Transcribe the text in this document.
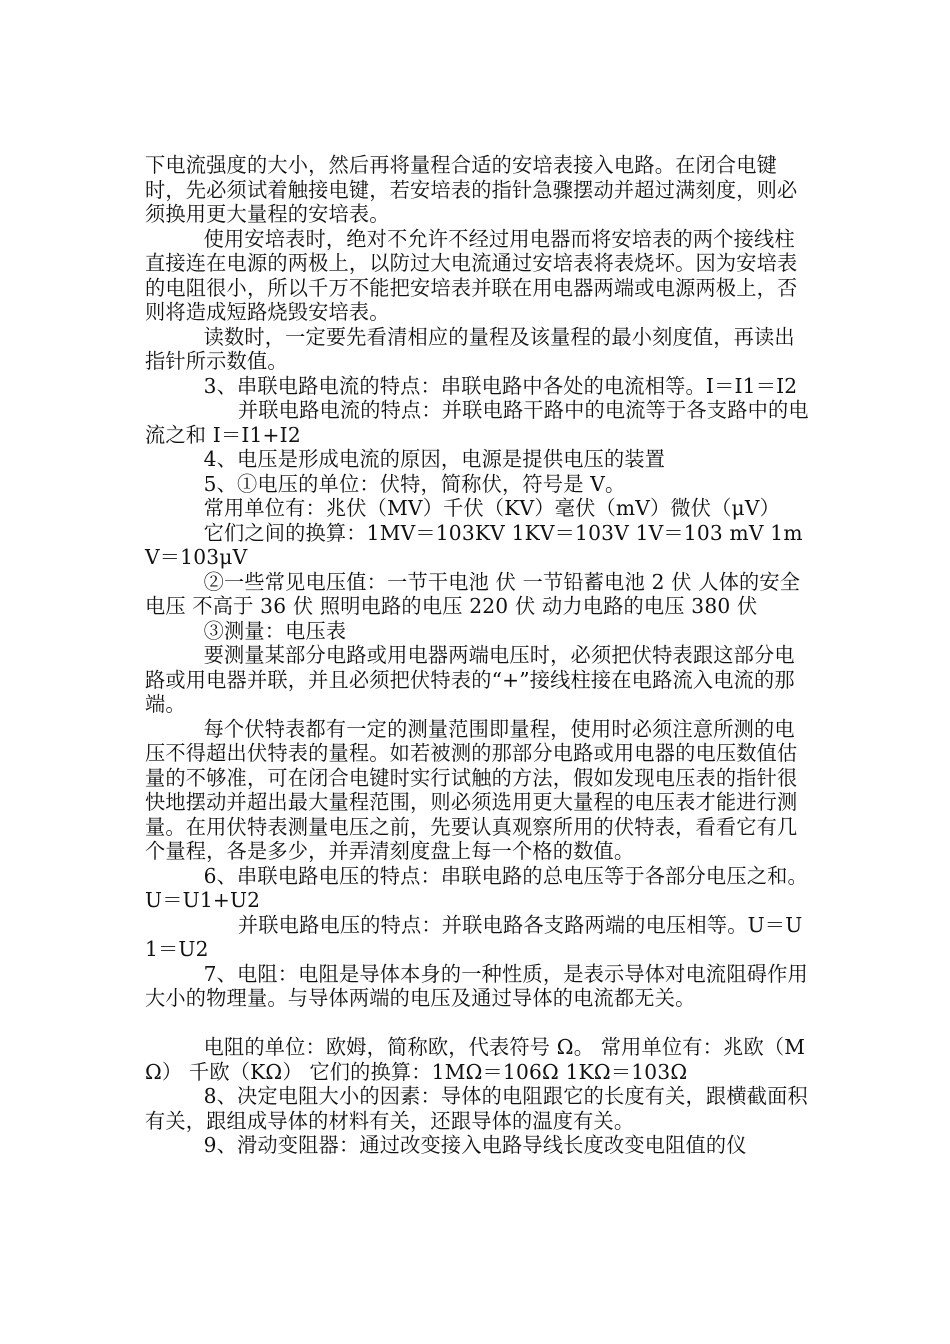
下电流强度的大小，然后再将量程合适的安培表接入电路。在闭合电键时，先必须试着触接电键，若安培表的指针急骤摆动并超过满刻度，则必须换用更大量程的安培表。

使用安培表时，绝对不允许不经过用电器而将安培表的两个接线柱直接连在电源的两极上，以防过大电流通过安培表将表烧坏。因为安培表的电阻很小，所以千万不能把安培表并联在用电器两端或电源两极上，否则将造成短路烧毁安培表。

读数时，一定要先看清相应的量程及该量程的最小刻度值，再读出指针所示数值。

3、串联电路电流的特点：串联电路中各处的电流相等。I＝I1＝I2

并联电路电流的特点：并联电路干路中的电流等于各支路中的电流之和 I＝I1+I2

4、电压是形成电流的原因，电源是提供电压的装置

5、①电压的单位：伏特，简称伏，符号是 V。

常用单位有：兆伏（MV）千伏（KV）毫伏（mV）微伏（μV）

它们之间的换算：1MV＝103KV 1KV＝103V 1V＝103 mV 1mV＝103μV

②一些常见电压值：一节干电池 伏 一节铅蓄电池 2 伏 人体的安全电压 不高于 36 伏 照明电路的电压 220 伏 动力电路的电压 380 伏

③测量：电压表

要测量某部分电路或用电器两端电压时，必须把伏特表跟这部分电路或用电器并联，并且必须把伏特表的“+”接线柱接在电路流入电流的那端。

每个伏特表都有一定的测量范围即量程，使用时必须注意所测的电压不得超出伏特表的量程。如若被测的那部分电路或用电器的电压数值估量的不够准，可在闭合电键时实行试触的方法，假如发现电压表的指针很快地摆动并超出最大量程范围，则必须选用更大量程的电压表才能进行测量。在用伏特表测量电压之前，先要认真观察所用的伏特表，看看它有几个量程，各是多少，并弄清刻度盘上每一个格的数值。

6、串联电路电压的特点：串联电路的总电压等于各部分电压之和。U＝U1+U2

并联电路电压的特点：并联电路各支路两端的电压相等。U＝U1＝U2

7、电阻：电阻是导体本身的一种性质，是表示导体对电流阻碍作用大小的物理量。与导体两端的电压及通过导体的电流都无关。

电阻的单位：欧姆，简称欧，代表符号 Ω。 常用单位有：兆欧（MΩ） 千欧（KΩ） 它们的换算：1MΩ＝106Ω 1KΩ＝103Ω

8、决定电阻大小的因素：导体的电阻跟它的长度有关，跟横截面积有关，跟组成导体的材料有关，还跟导体的温度有关。

9、滑动变阻器：通过改变接入电路导线长度改变电阻值的仪
